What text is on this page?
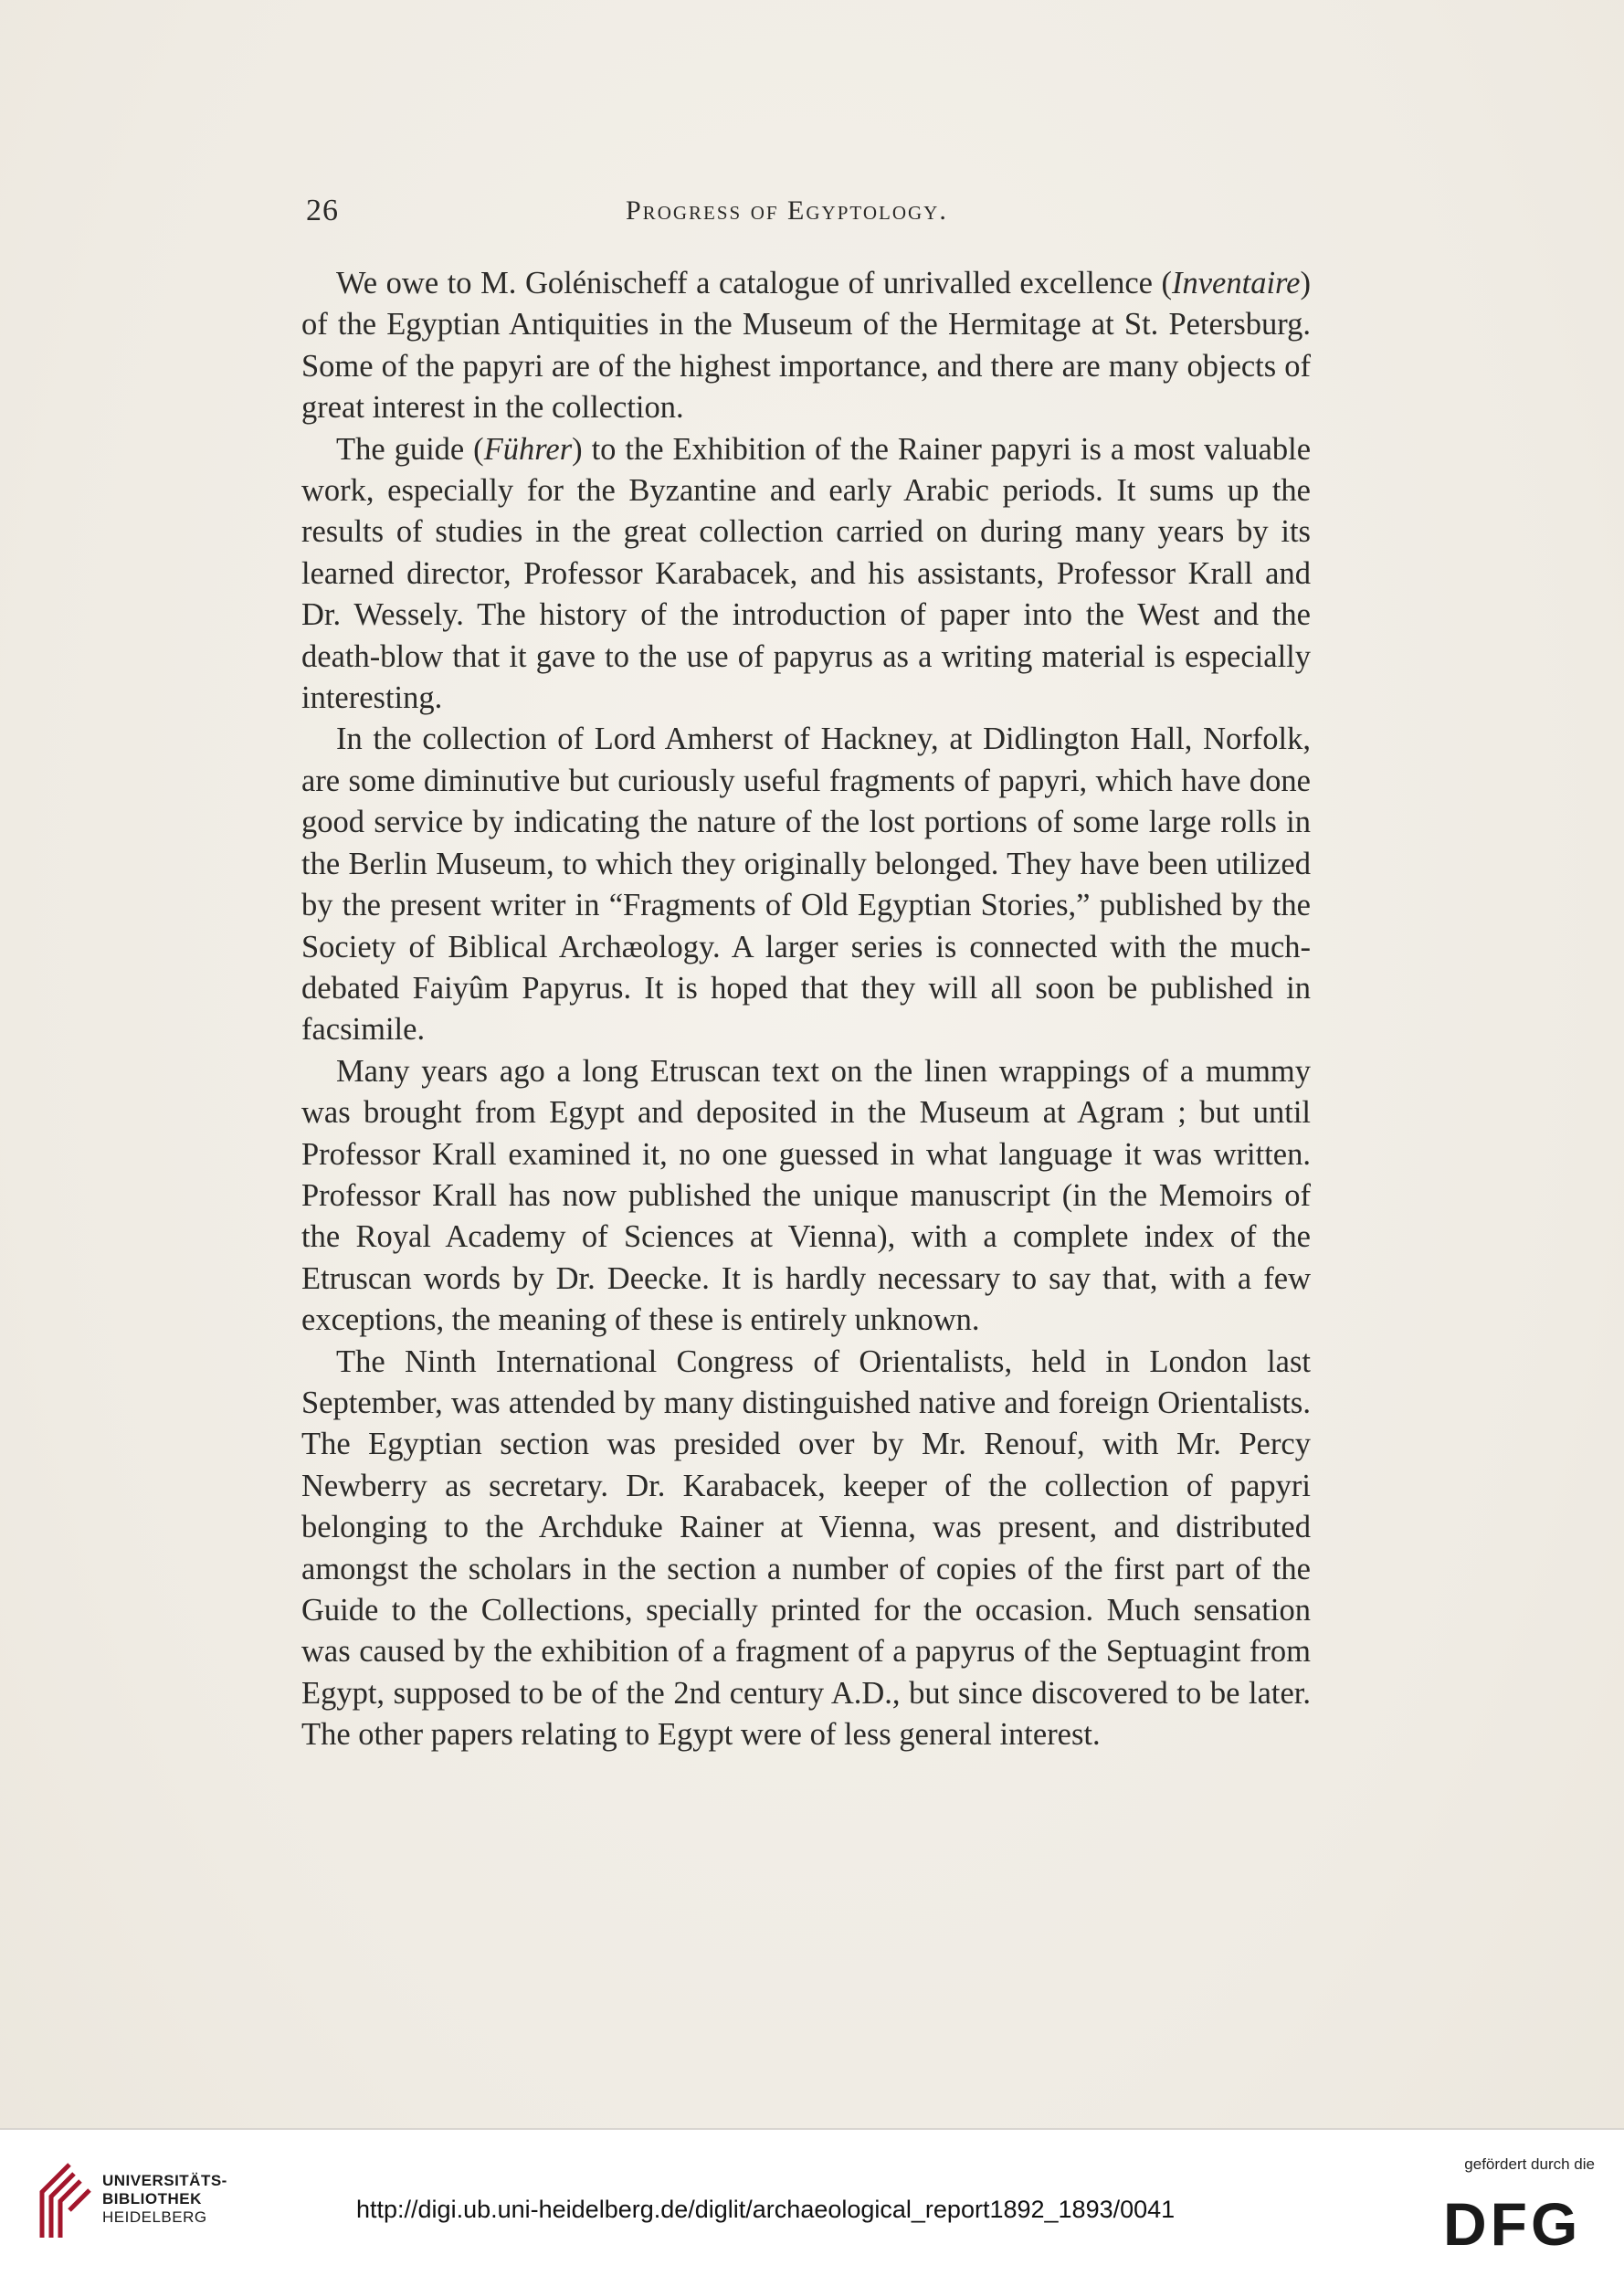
26	Progress of Egyptology.

We owe to M. Golénischeff a catalogue of unrivalled excellence (Inventaire) of the Egyptian Antiquities in the Museum of the Hermitage at St. Petersburg. Some of the papyri are of the highest importance, and there are many objects of great interest in the collection.

The guide (Führer) to the Exhibition of the Rainer papyri is a most valuable work, especially for the Byzantine and early Arabic periods. It sums up the results of studies in the great collection carried on during many years by its learned director, Professor Karabacek, and his assistants, Professor Krall and Dr. Wessely. The history of the introduction of paper into the West and the death-blow that it gave to the use of papyrus as a writing material is especially interesting.

In the collection of Lord Amherst of Hackney, at Didlington Hall, Norfolk, are some diminutive but curiously useful fragments of papyri, which have done good service by indicating the nature of the lost portions of some large rolls in the Berlin Museum, to which they originally belonged. They have been utilized by the present writer in “Fragments of Old Egyptian Stories,” published by the Society of Biblical Archæology. A larger series is connected with the much-debated Faiyûm Papyrus. It is hoped that they will all soon be published in facsimile.

Many years ago a long Etruscan text on the linen wrappings of a mummy was brought from Egypt and deposited in the Museum at Agram ; but until Professor Krall examined it, no one guessed in what language it was written. Professor Krall has now published the unique manuscript (in the Memoirs of the Royal Academy of Sciences at Vienna), with a complete index of the Etruscan words by Dr. Deecke. It is hardly necessary to say that, with a few exceptions, the meaning of these is entirely unknown.

The Ninth International Congress of Orientalists, held in London last September, was attended by many distinguished native and foreign Orientalists. The Egyptian section was presided over by Mr. Renouf, with Mr. Percy Newberry as secretary. Dr. Karabacek, keeper of the collection of papyri belonging to the Archduke Rainer at Vienna, was present, and distributed amongst the scholars in the section a number of copies of the first part of the Guide to the Collections, specially printed for the occasion. Much sensation was caused by the exhibition of a fragment of a papyrus of the Septuagint from Egypt, supposed to be of the 2nd century A.D., but since discovered to be later. The other papers relating to Egypt were of less general interest.

UNIVERSITÄTS-
BIBLIOTHEK
HEIDELBERG	http://digi.ub.uni-heidelberg.de/diglit/archaeological_report1892_1893/0041
gefördert durch die
DFG
